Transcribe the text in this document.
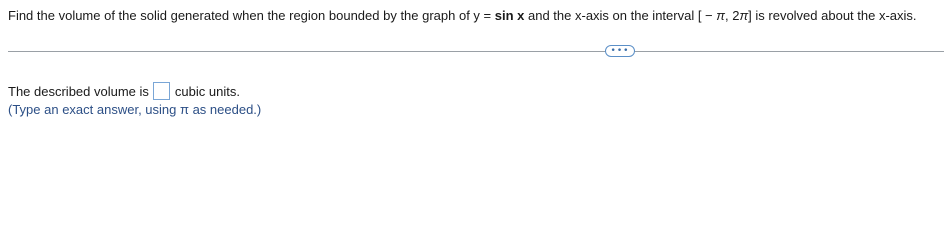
Find the volume of the solid generated when the region bounded by the graph of y = sin x and the x-axis on the interval [ − π, 2π] is revolved about the x-axis.
•••
The described volume is cubic units.
(Type an exact answer, using π as needed.)
